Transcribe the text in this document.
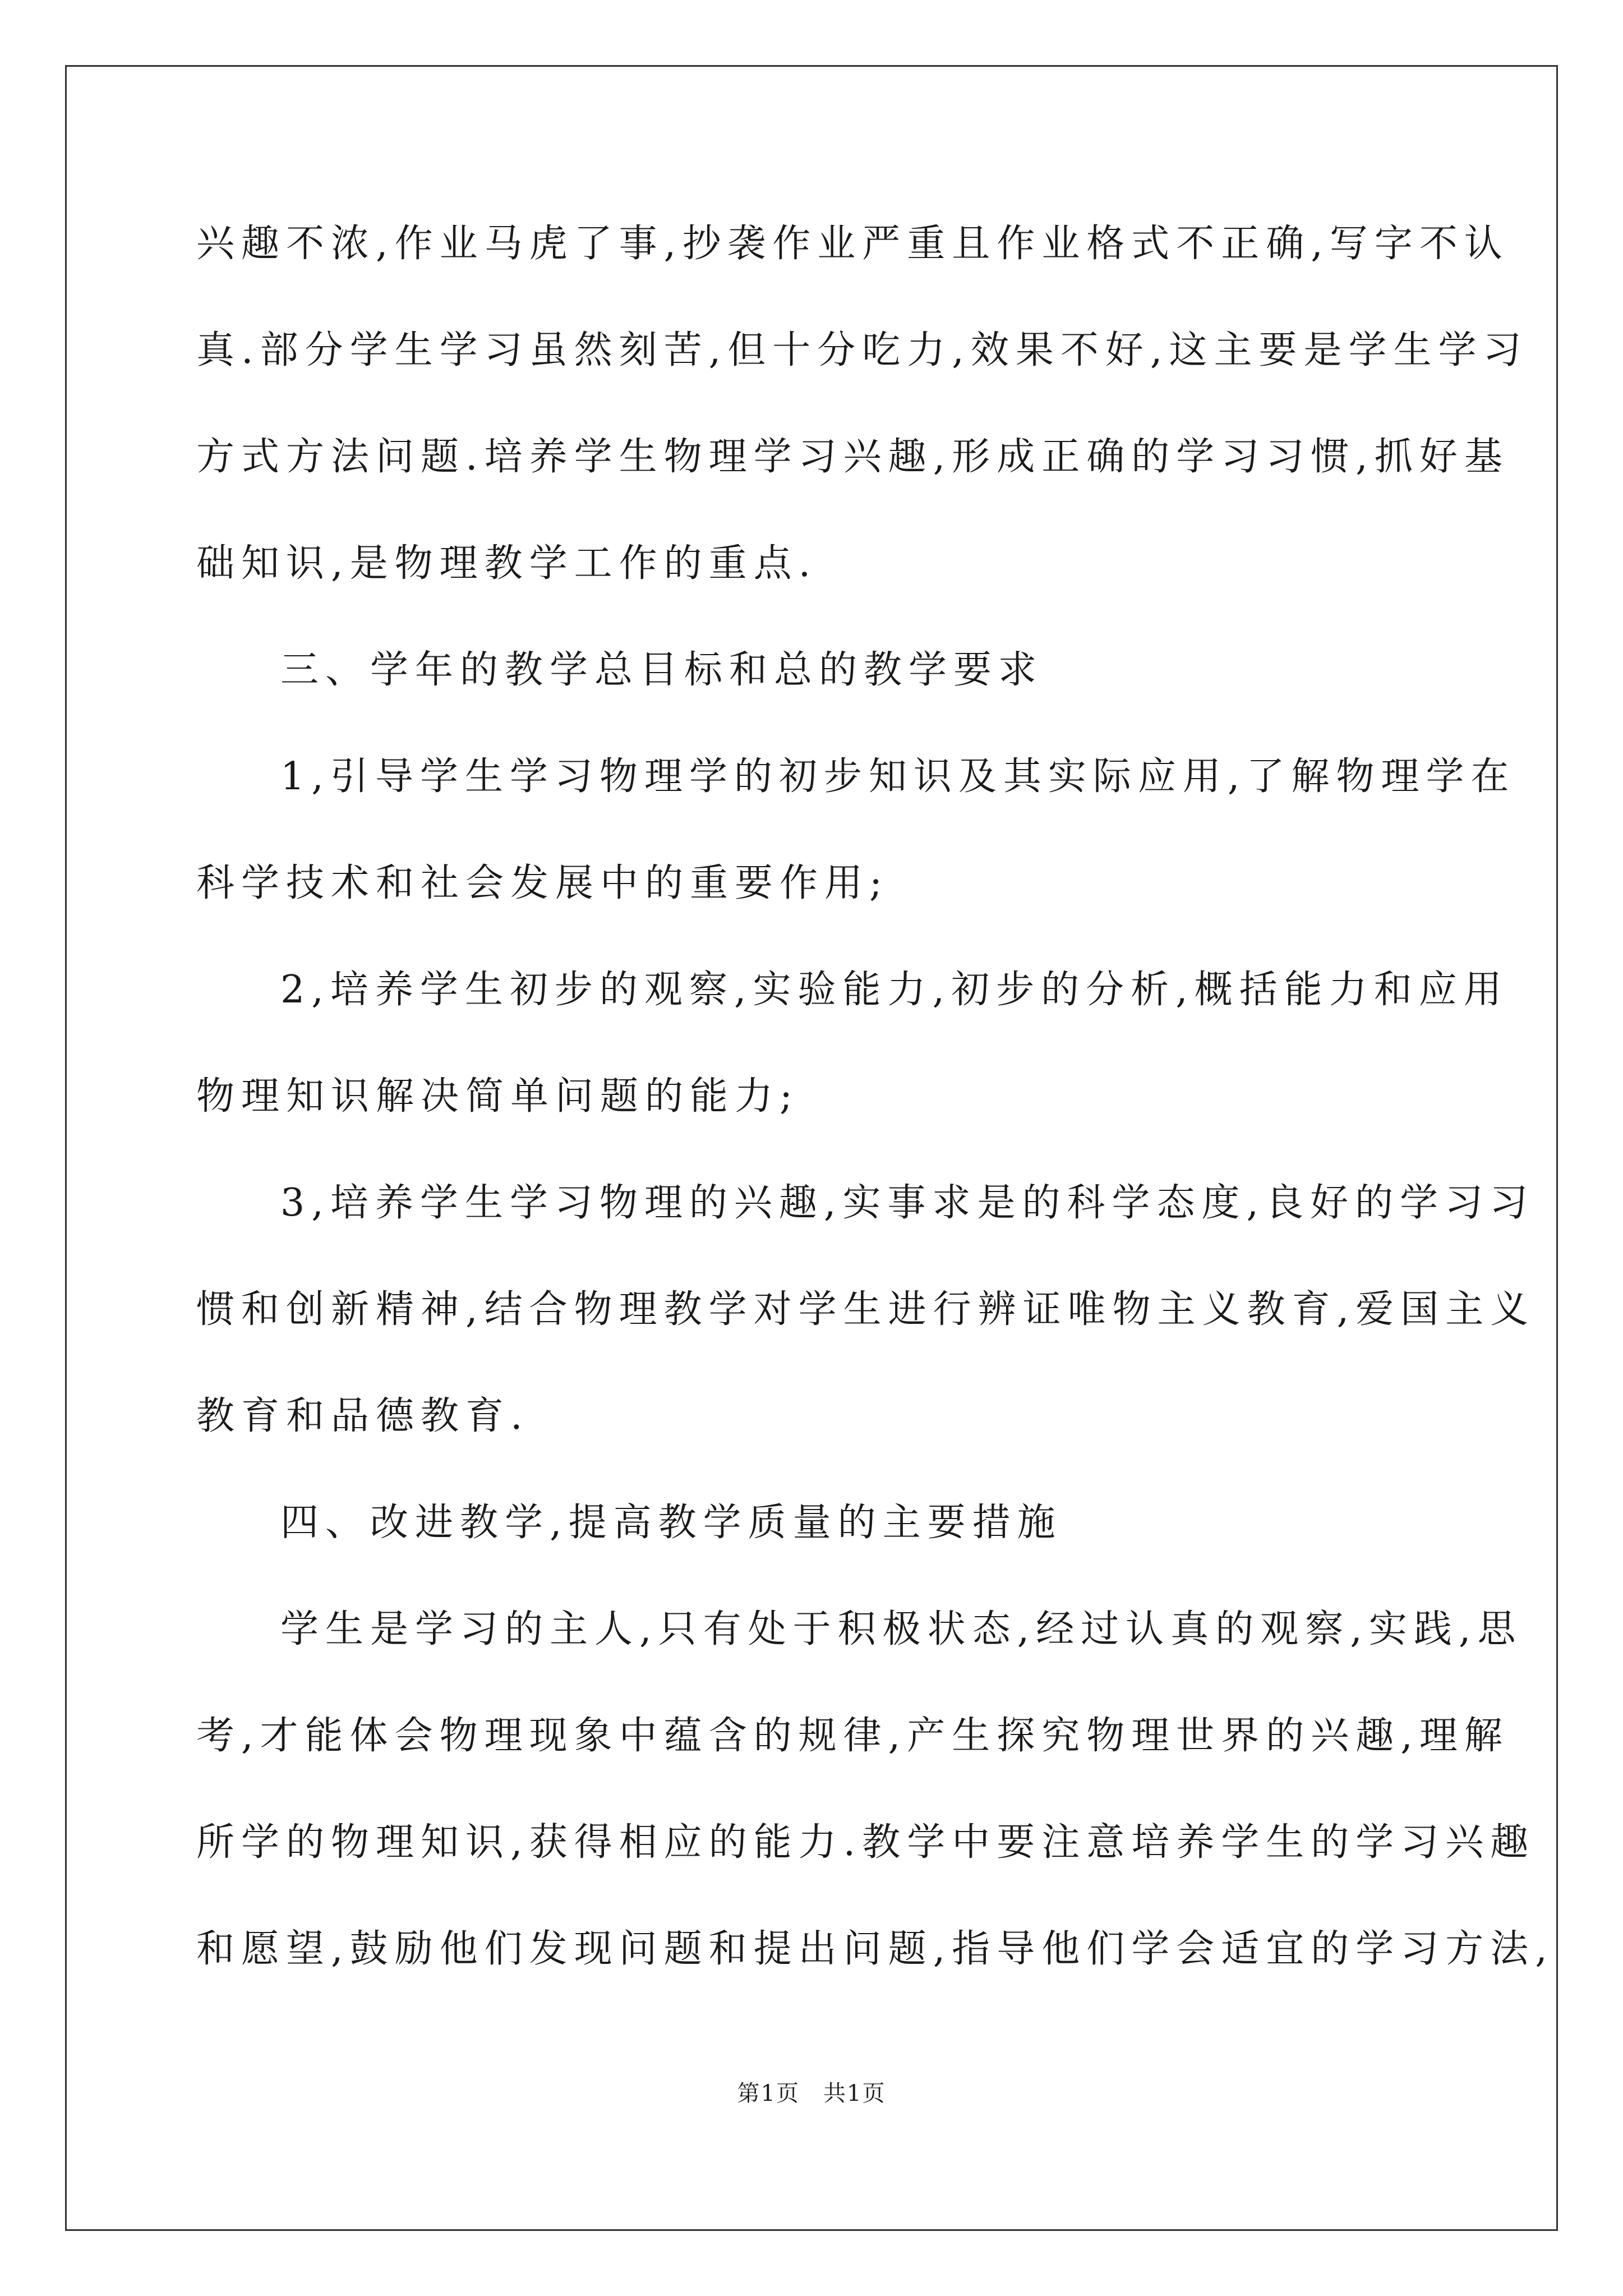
兴趣不浓,作业马虎了事,抄袭作业严重且作业格式不正确,写字不认
真.部分学生学习虽然刻苦,但十分吃力,效果不好,这主要是学生学习
方式方法问题.培养学生物理学习兴趣,形成正确的学习习惯,抓好基
础知识,是物理教学工作的重点.
三、学年的教学总目标和总的教学要求
1,引导学生学习物理学的初步知识及其实际应用,了解物理学在
科学技术和社会发展中的重要作用;
2,培养学生初步的观察,实验能力,初步的分析,概括能力和应用
物理知识解决简单问题的能力;
3,培养学生学习物理的兴趣,实事求是的科学态度,良好的学习习
惯和创新精神,结合物理教学对学生进行辨证唯物主义教育,爱国主义
教育和品德教育.
四、改进教学,提高教学质量的主要措施
学生是学习的主人,只有处于积极状态,经过认真的观察,实践,思
考,才能体会物理现象中蕴含的规律,产生探究物理世界的兴趣,理解
所学的物理知识,获得相应的能力.教学中要注意培养学生的学习兴趣
和愿望,鼓励他们发现问题和提出问题,指导他们学会适宜的学习方法,
第1页　共1页
